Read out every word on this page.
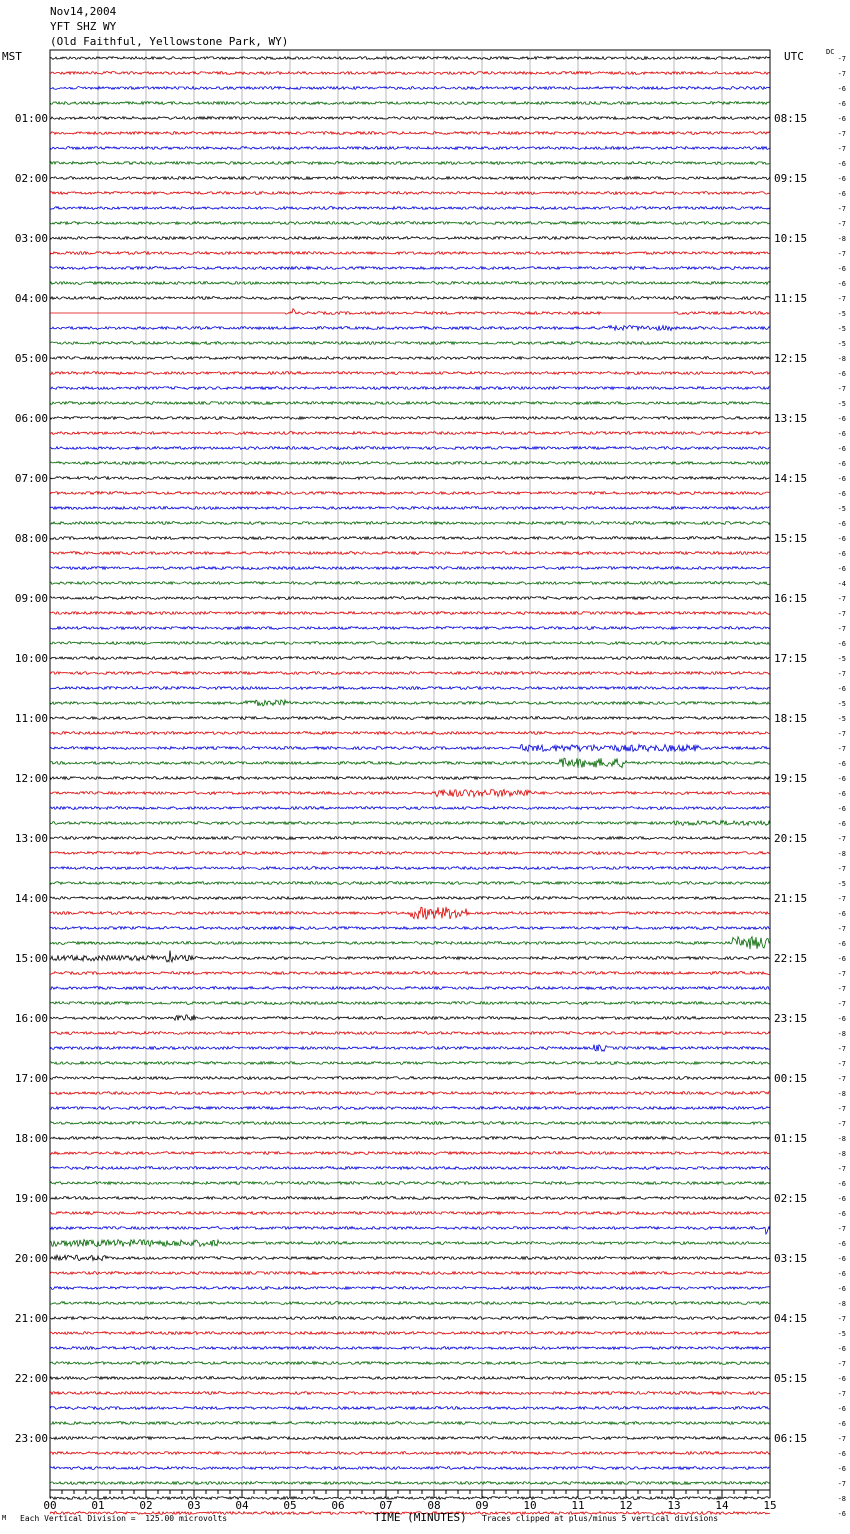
Nov14,2004
YFT SHZ WY
(Old Faithful, Yellowstone Park, WY)
MST	UTC	DC
00	01	02	03	04	05	06	07	08	09	10	11	12	13	14	15
01:00
02:00
03:00
04:00
05:00
06:00
07:00
08:00
09:00
10:00
11:00
12:00
13:00
14:00
15:00
16:00
17:00
18:00
19:00
20:00
21:00
22:00
23:00
08:15
09:15
10:15
11:15
12:15
13:15
14:15
15:15
16:15
17:15
18:15
19:15
20:15
21:15
22:15
23:15
00:15
01:15
02:15
03:15
04:15
05:15
06:15
-7
-7
-6
-6
-6
-7
-7
-6
-6
-6
-7
-7
-8
-7
-6
-6
-7
-5
-5
-5
-8
-6
-7
-5
-6
-6
-6
-6
-6
-6
-5
-6
-6
-6
-6
-4
-7
-7
-7
-6
-5
-7
-6
-5
-5
-7
-7
-6
-6
-6
-6
-6
-7
-8
-7
-5
-7
-6
-7
-6
-6
-7
-7
-7
-6
-8
-7
-7
-7
-8
-7
-7
-8
-8
-7
-6
-6
-6
-7
-6
-6
-6
-6
-8
-7
-5
-6
-7
-6
-7
-6
-6
-7
-6
-6
-7
-8
-6
TIME (MINUTES)
M Each Vertical Division =  125.00 microvolts	Traces clipped at plus/minus 5 vertical divisions
